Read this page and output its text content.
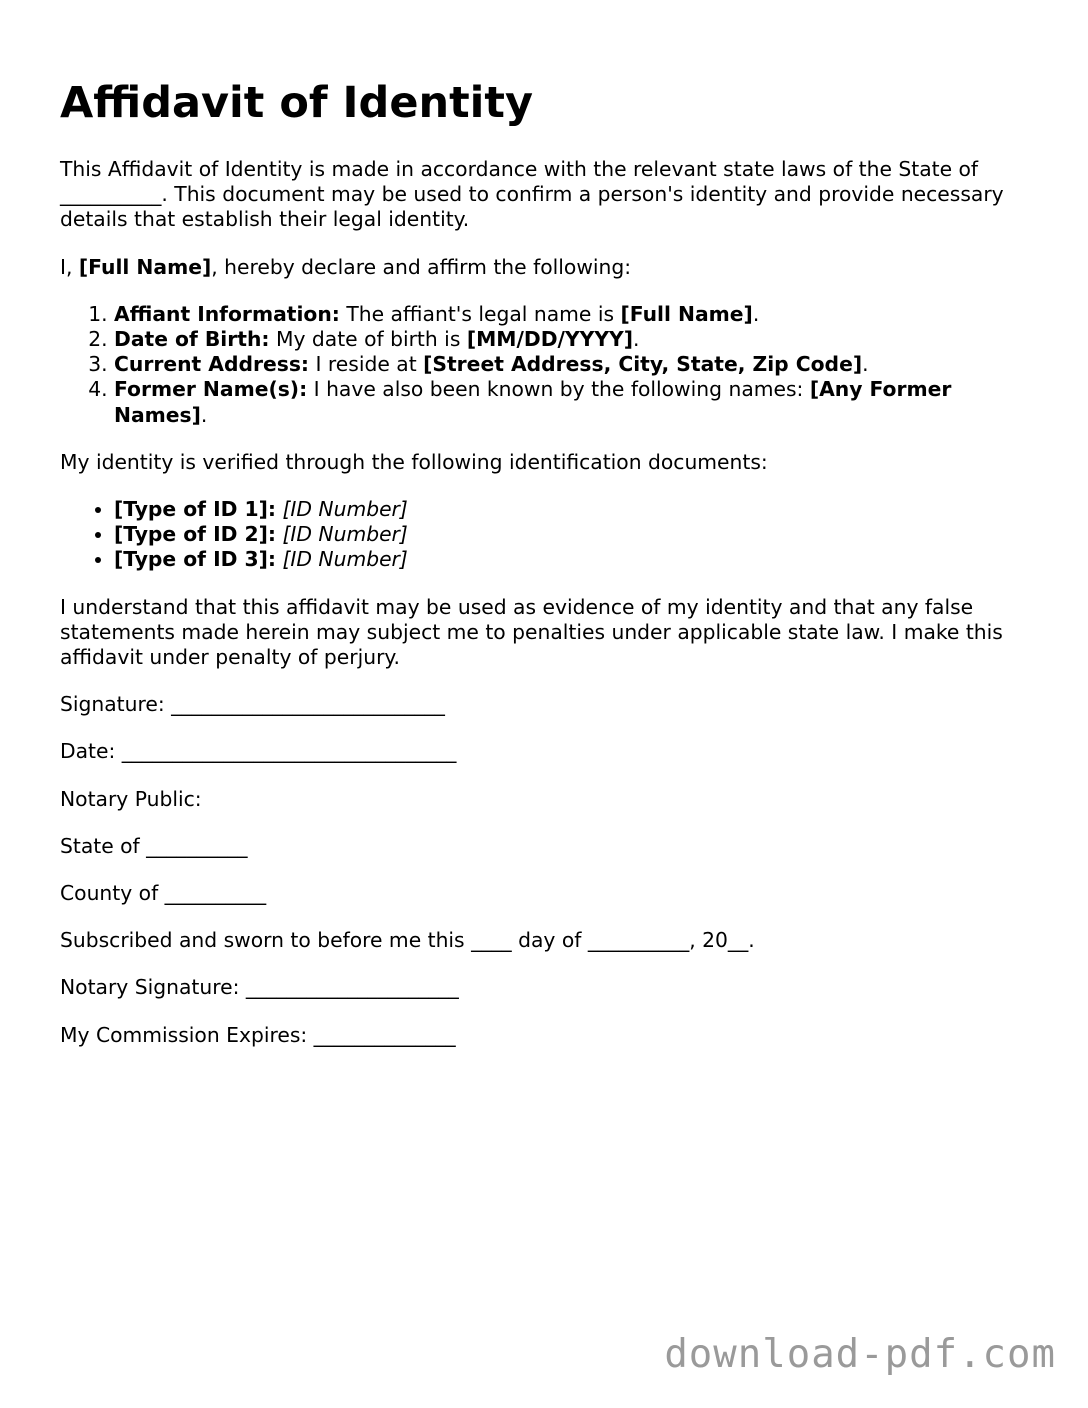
Affidavit of Identity

This Affidavit of Identity is made in accordance with the relevant state laws of the State of __________. This document may be used to confirm a person's identity and provide necessary details that establish their legal identity.

I, [Full Name], hereby declare and affirm the following:

1. Affiant Information: The affiant's legal name is [Full Name].
2. Date of Birth: My date of birth is [MM/DD/YYYY].
3. Current Address: I reside at [Street Address, City, State, Zip Code].
4. Former Name(s): I have also been known by the following names: [Any Former Names].

My identity is verified through the following identification documents:

• [Type of ID 1]: [ID Number]
• [Type of ID 2]: [ID Number]
• [Type of ID 3]: [ID Number]

I understand that this affidavit may be used as evidence of my identity and that any false statements made herein may subject me to penalties under applicable state law. I make this affidavit under penalty of perjury.

Signature: ___________________________

Date: _________________________________

Notary Public:

State of __________

County of __________

Subscribed and sworn to before me this ____ day of __________, 20__.

Notary Signature: _____________________

My Commission Expires: ______________

download-pdf.com
